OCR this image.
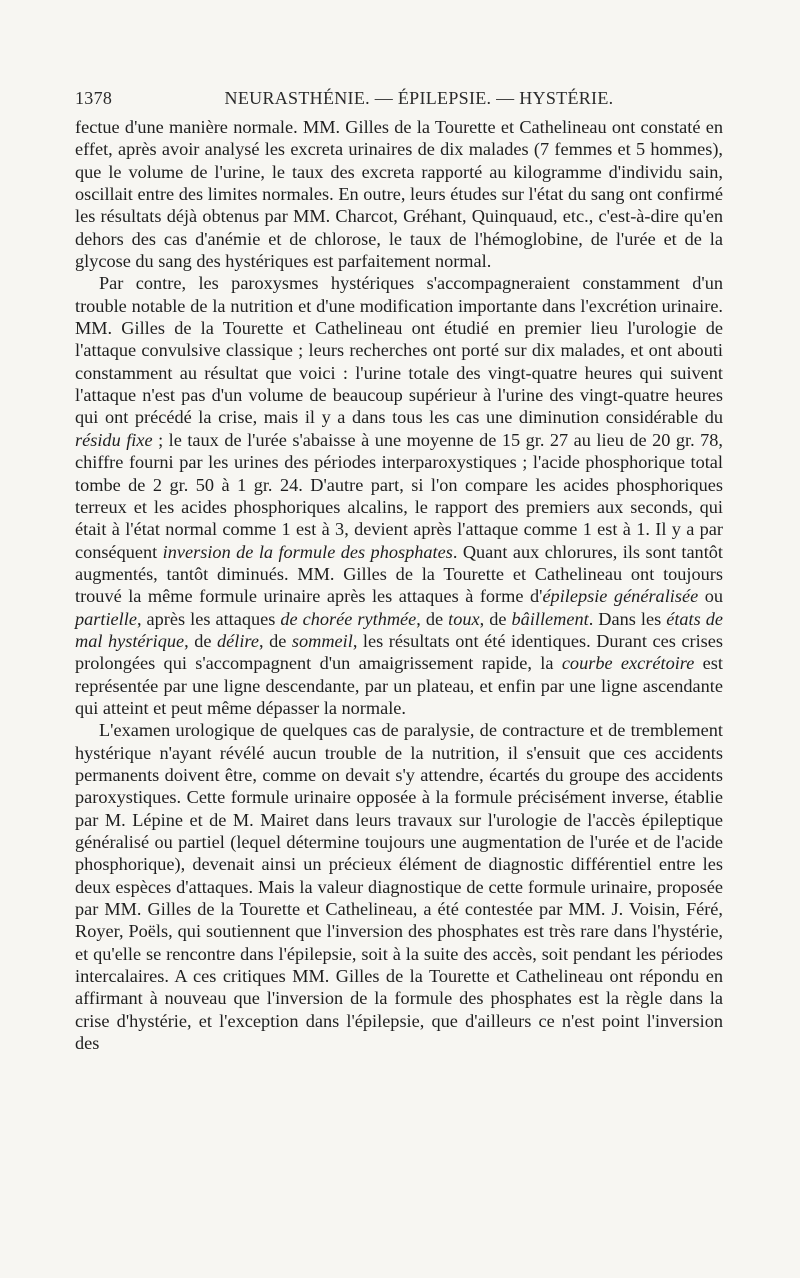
1378	NEURASTHÉNIE. — ÉPILEPSIE. — HYSTÉRIE.

fectue d'une manière normale. MM. Gilles de la Tourette et Cathelineau ont constaté en effet, après avoir analysé les excreta urinaires de dix malades (7 femmes et 5 hommes), que le volume de l'urine, le taux des excreta rapporté au kilogramme d'individu sain, oscillait entre des limites normales. En outre, leurs études sur l'état du sang ont confirmé les résultats déjà obtenus par MM. Charcot, Gréhant, Quinquaud, etc., c'est-à-dire qu'en dehors des cas d'anémie et de chlorose, le taux de l'hémoglobine, de l'urée et de la glycose du sang des hystériques est parfaitement normal.

Par contre, les paroxysmes hystériques s'accompagneraient constamment d'un trouble notable de la nutrition et d'une modification importante dans l'excrétion urinaire. MM. Gilles de la Tourette et Cathelineau ont étudié en premier lieu l'urologie de l'attaque convulsive classique ; leurs recherches ont porté sur dix malades, et ont abouti constamment au résultat que voici : l'urine totale des vingt-quatre heures qui suivent l'attaque n'est pas d'un volume de beaucoup supérieur à l'urine des vingt-quatre heures qui ont précédé la crise, mais il y a dans tous les cas une diminution considérable du résidu fixe ; le taux de l'urée s'abaisse à une moyenne de 15 gr. 27 au lieu de 20 gr. 78, chiffre fourni par les urines des périodes interparoxystiques ; l'acide phosphorique total tombe de 2 gr. 50 à 1 gr. 24. D'autre part, si l'on compare les acides phosphoriques terreux et les acides phosphoriques alcalins, le rapport des premiers aux seconds, qui était à l'état normal comme 1 est à 3, devient après l'attaque comme 1 est à 1. Il y a par conséquent inversion de la formule des phosphates. Quant aux chlorures, ils sont tantôt augmentés, tantôt diminués. MM. Gilles de la Tourette et Cathelineau ont toujours trouvé la même formule urinaire après les attaques à forme d'épilepsie généralisée ou partielle, après les attaques de chorée rythmée, de toux, de bâillement. Dans les états de mal hystérique, de délire, de sommeil, les résultats ont été identiques. Durant ces crises prolongées qui s'accompagnent d'un amaigrissement rapide, la courbe excrétoire est représentée par une ligne descendante, par un plateau, et enfin par une ligne ascendante qui atteint et peut même dépasser la normale.

L'examen urologique de quelques cas de paralysie, de contracture et de tremblement hystérique n'ayant révélé aucun trouble de la nutrition, il s'ensuit que ces accidents permanents doivent être, comme on devait s'y attendre, écartés du groupe des accidents paroxystiques. Cette formule urinaire opposée à la formule précisément inverse, établie par M. Lépine et de M. Mairet dans leurs travaux sur l'urologie de l'accès épileptique généralisé ou partiel (lequel détermine toujours une augmentation de l'urée et de l'acide phosphorique), devenait ainsi un précieux élément de diagnostic différentiel entre les deux espèces d'attaques. Mais la valeur diagnostique de cette formule urinaire, proposée par MM. Gilles de la Tourette et Cathelineau, a été contestée par MM. J. Voisin, Féré, Royer, Poëls, qui soutiennent que l'inversion des phosphates est très rare dans l'hystérie, et qu'elle se rencontre dans l'épilepsie, soit à la suite des accès, soit pendant les périodes intercalaires. A ces critiques MM. Gilles de la Tourette et Cathelineau ont répondu en affirmant à nouveau que l'inversion de la formule des phosphates est la règle dans la crise d'hystérie, et l'exception dans l'épilepsie, que d'ailleurs ce n'est point l'inversion des
